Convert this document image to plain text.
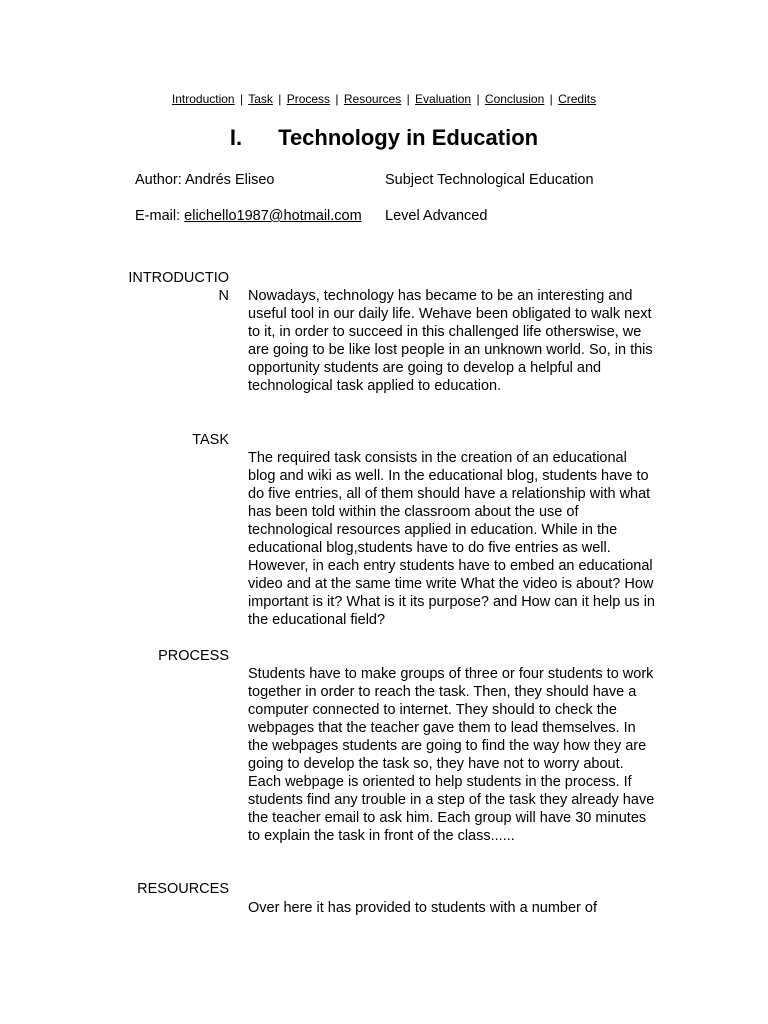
Introduction | Task | Process | Resources | Evaluation | Conclusion | Credits
I. Technology in Education
Author: Andrés Eliseo	Subject Technological Education
E-mail: elichello1987@hotmail.com Level Advanced
INTRODUCTION Nowadays, technology has became to be an interesting and useful tool in our daily life. Wehave been obligated to walk next to it, in order to succeed in this challenged life otherswise, we are going to be like lost people in an unknown world. So, in this opportunity students are going to develop a helpful and technological task applied to education.

TASK

The required task consists in the creation of an educational blog and wiki as well. In the educational blog, students have to do five entries, all of them should have a relationship with what has been told within the classroom about the use of technological resources applied in education. While in the educational blog,students have to do five entries as well. However, in each entry students have to embed an educational video and at the same time write What the video is about? How important is it? What is it its purpose? and How can it help us in the educational field?

PROCESS

Students have to make groups of three or four students to work together in order to reach the task. Then, they should have a computer connected to internet. They should to check the webpages that the teacher gave them to lead themselves. In the webpages students are going to find the way how they are going to develop the task so, they have not to worry about. Each webpage is oriented to help students in the process. If students find any trouble in a step of the task they already have the teacher email to ask him. Each group will have 30 minutes to explain the task in front of the class......

RESOURCES

Over here it has provided to students with a number of
